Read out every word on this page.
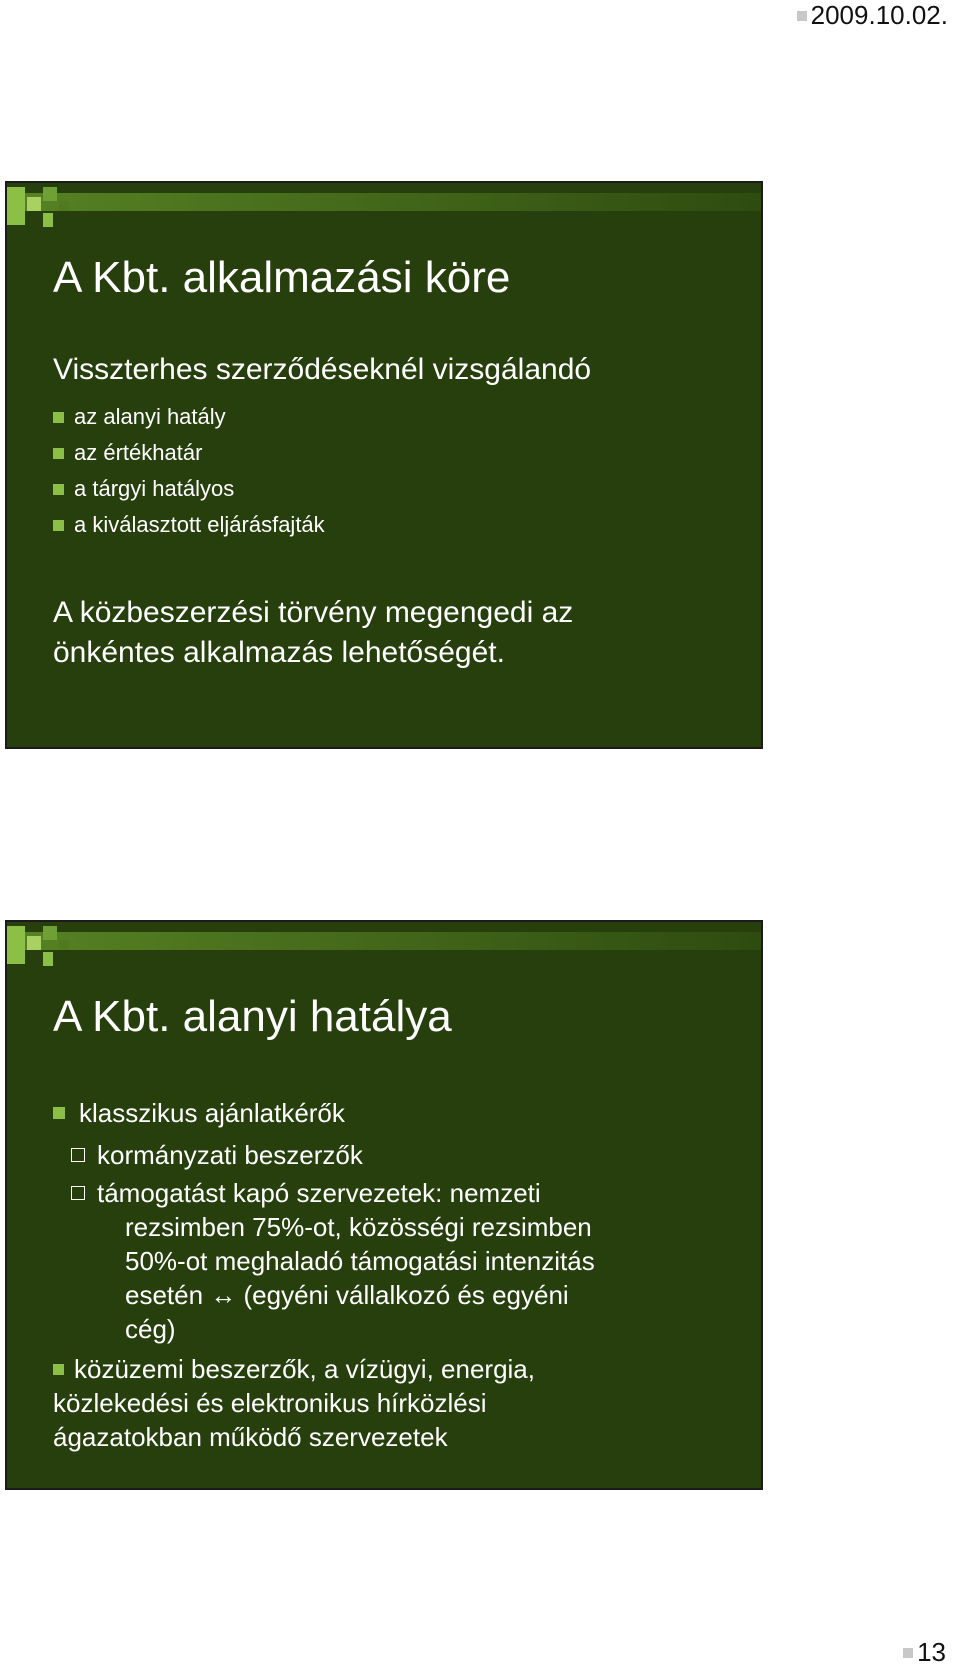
2009.10.02.
A Kbt. alkalmazási köre
Visszterhes szerződéseknél vizsgálandó
az alanyi hatály
az értékhatár
a tárgyi hatályos
a kiválasztott eljárásfajták
A közbeszerzési törvény megengedi az
önkéntes alkalmazás lehetőségét.
A Kbt. alanyi hatálya
klasszikus ajánlatkérők
kormányzati beszerzők
támogatást kapó szervezetek: nemzeti
rezsimben 75%-ot, közösségi rezsimben
50%-ot meghaladó támogatási intenzitás
esetén ↔ (egyéni vállalkozó és egyéni
cég)
közüzemi beszerzők, a vízügyi, energia,
közlekedési és elektronikus hírközlési
ágazatokban működő szervezetek
13
